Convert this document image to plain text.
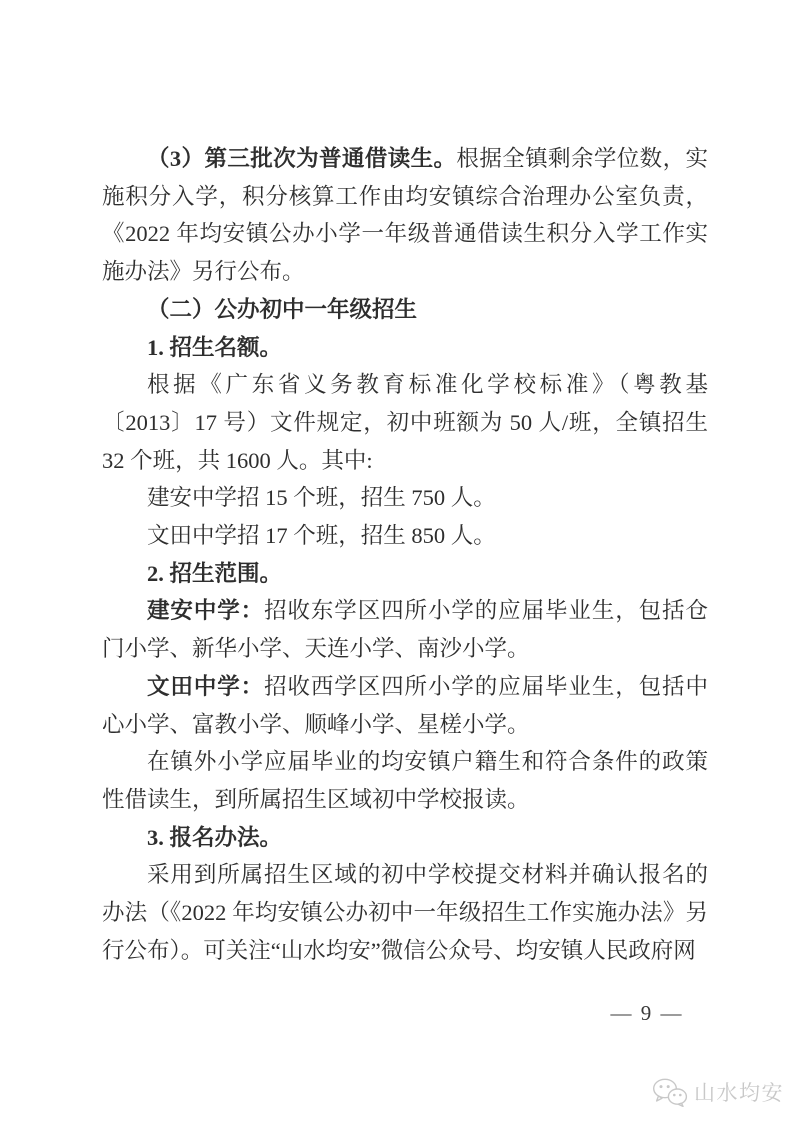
（3）第三批次为普通借读生。根据全镇剩余学位数，实施积分入学，积分核算工作由均安镇综合治理办公室负责，《2022 年均安镇公办小学一年级普通借读生积分入学工作实施办法》另行公布。

（二）公办初中一年级招生

1. 招生名额。

根据《广东省义务教育标准化学校标准》（粤教基〔2013〕17 号）文件规定，初中班额为 50 人/班，全镇招生 32 个班，共 1600 人。其中:

建安中学招 15 个班，招生 750 人。

文田中学招 17 个班，招生 850 人。

2. 招生范围。

建安中学：招收东学区四所小学的应届毕业生，包括仓门小学、新华小学、天连小学、南沙小学。

文田中学：招收西学区四所小学的应届毕业生，包括中心小学、富教小学、顺峰小学、星槎小学。

在镇外小学应届毕业的均安镇户籍生和符合条件的政策性借读生，到所属招生区域初中学校报读。

3. 报名办法。

采用到所属招生区域的初中学校提交材料并确认报名的办法（《2022 年均安镇公办初中一年级招生工作实施办法》另行公布）。可关注“山水均安”微信公众号、均安镇人民政府网

— 9 —
山水均安
